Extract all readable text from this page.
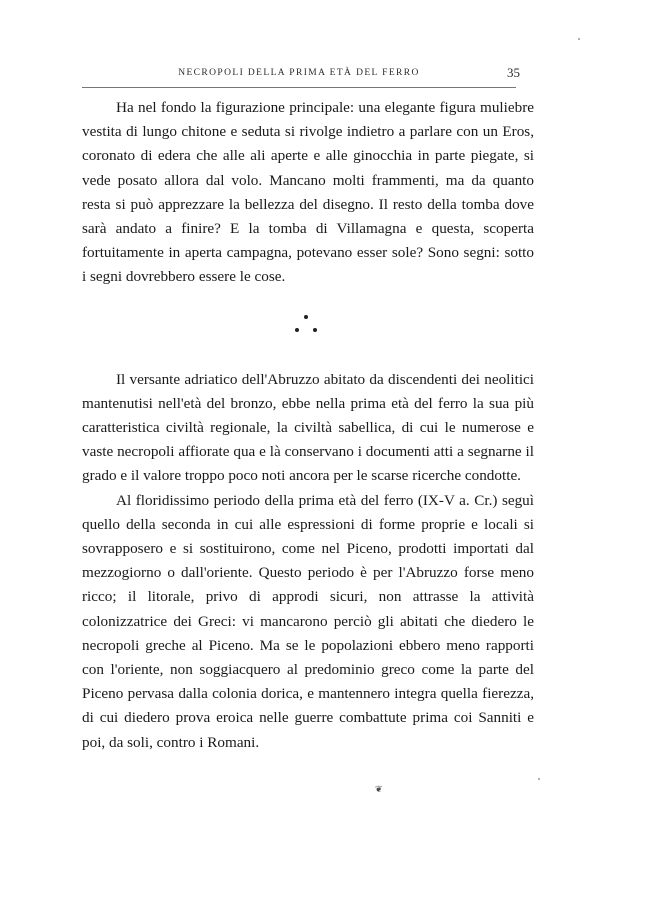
NECROPOLI DELLA PRIMA ETÀ DEL FERRO	35

Ha nel fondo la figurazione principale: una elegante figura muliebre vestita di lungo chitone e seduta si rivolge indietro a parlare con un Eros, coronato di edera che alle ali aperte e alle ginocchia in parte piegate, si vede posato allora dal volo. Mancano molti frammenti, ma da quanto resta si può apprezzare la bellezza del disegno. Il resto della tomba dove sarà andato a finire? E la tomba di Villamagna e questa, scoperta fortuitamente in aperta campagna, potevano esser sole? Sono segni: sotto i segni dovrebbero essere le cose.

Il versante adriatico dell'Abruzzo abitato da discendenti dei neolitici mantenutisi nell'età del bronzo, ebbe nella prima età del ferro la sua più caratteristica civiltà regionale, la civiltà sabellica, di cui le numerose e vaste necropoli affiorate qua e là conservano i documenti atti a segnarne il grado e il valore troppo poco noti ancora per le scarse ricerche condotte.

Al floridissimo periodo della prima età del ferro (IX-V a. Cr.) seguì quello della seconda in cui alle espressioni di forme proprie e locali si sovrapposero e si sostituirono, come nel Piceno, prodotti importati dal mezzogiorno o dall'oriente. Questo periodo è per l'Abruzzo forse meno ricco; il litorale, privo di approdi sicuri, non attrasse la attività colonizzatrice dei Greci: vi mancarono perciò gli abitati che diedero le necropoli greche al Piceno. Ma se le popolazioni ebbero meno rapporti con l'oriente, non soggiacquero al predominio greco come la parte del Piceno pervasa dalla colonia dorica, e mantennero integra quella fierezza, di cui diedero prova eroica nelle guerre combattute prima coi Sanniti e poi, da soli, contro i Romani.

❦
